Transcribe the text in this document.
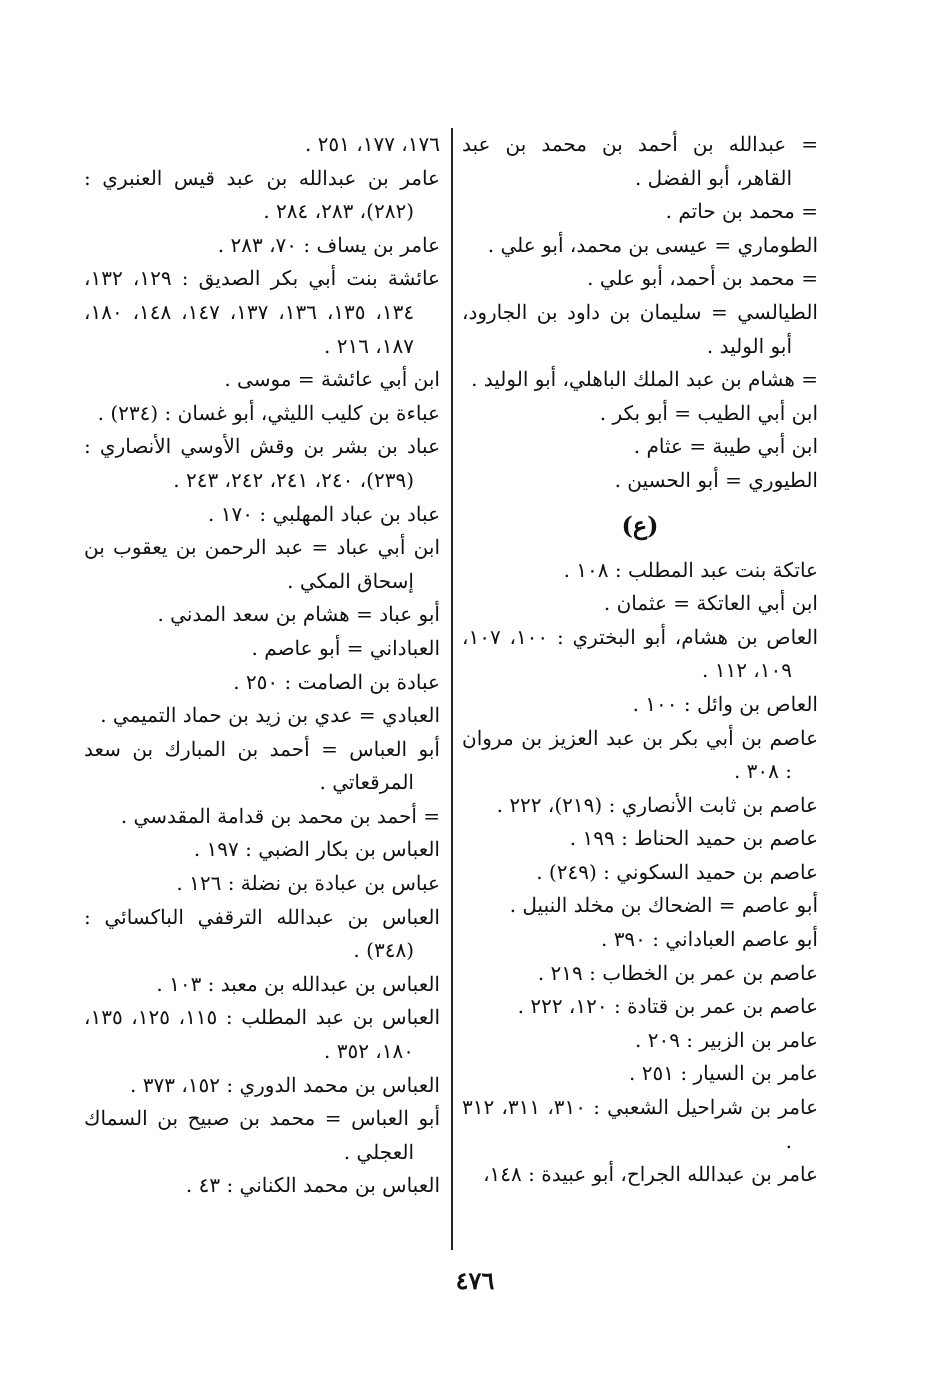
= عبدالله بن أحمد بن محمد بن عبد القاهر، أبو الفضل .

= محمد بن حاتم .

الطوماري = عيسى بن محمد، أبو علي .

= محمد بن أحمد، أبو علي .

الطيالسي = سليمان بن داود بن الجارود، أبو الوليد .

= هشام بن عبد الملك الباهلي، أبو الوليد .

ابن أبي الطيب = أبو بكر .

ابن أبي طيبة = عثام .

الطيوري = أبو الحسين .

(ع)

عاتكة بنت عبد المطلب : ١٠٨ .

ابن أبي العاتكة = عثمان .

العاص بن هشام، أبو البختري : ١٠٠، ١٠٧، ١٠٩، ١١٢ .

العاص بن وائل : ١٠٠ .

عاصم بن أبي بكر بن عبد العزيز بن مروان : ٣٠٨ .

عاصم بن ثابت الأنصاري : (٢١٩)، ٢٢٢ .

عاصم بن حميد الحناط : ١٩٩ .

عاصم بن حميد السكوني : (٢٤٩) .

أبو عاصم = الضحاك بن مخلد النبيل .

أبو عاصم العباداني : ٣٩٠ .

عاصم بن عمر بن الخطاب : ٢١٩ .

عاصم بن عمر بن قتادة : ١٢٠، ٢٢٢ .

عامر بن الزبير : ٢٠٩ .

عامر بن السيار : ٢٥١ .

عامر بن شراحيل الشعبي : ٣١٠، ٣١١، ٣١٢ .

عامر بن عبدالله الجراح، أبو عبيدة : ١٤٨،

١٧٦، ١٧٧، ٢٥١ .

عامر بن عبدالله بن عبد قيس العنبري : (٢٨٢)، ٢٨٣، ٢٨٤ .

عامر بن يساف : ٧٠، ٢٨٣ .

عائشة بنت أبي بكر الصديق : ١٢٩، ١٣٢، ١٣٤، ١٣٥، ١٣٦، ١٣٧، ١٤٧، ١٤٨، ١٨٠، ١٨٧، ٢١٦ .

ابن أبي عائشة = موسى .

عباءة بن كليب الليثي، أبو غسان : (٢٣٤) .

عباد بن بشر بن وقش الأوسي الأنصاري : (٢٣٩)، ٢٤٠، ٢٤١، ٢٤٢، ٢٤٣ .

عباد بن عباد المهلبي : ١٧٠ .

ابن أبي عباد = عبد الرحمن بن يعقوب بن إسحاق المكي .

أبو عباد = هشام بن سعد المدني .

العباداني = أبو عاصم .

عبادة بن الصامت : ٢٥٠ .

العبادي = عدي بن زيد بن حماد التميمي .

أبو العباس = أحمد بن المبارك بن سعد المرقعاتي .

= أحمد بن محمد بن قدامة المقدسي .

العباس بن بكار الضبي : ١٩٧ .

عباس بن عبادة بن نضلة : ١٢٦ .

العباس بن عبدالله الترقفي الباكسائي : (٣٤٨) .

العباس بن عبدالله بن معبد : ١٠٣ .

العباس بن عبد المطلب : ١١٥، ١٢٥، ١٣٥، ١٨٠، ٣٥٢ .

العباس بن محمد الدوري : ١٥٢، ٣٧٣ .

أبو العباس = محمد بن صبيح بن السماك العجلي .

العباس بن محمد الكناني : ٤٣ .

٤٧٦
